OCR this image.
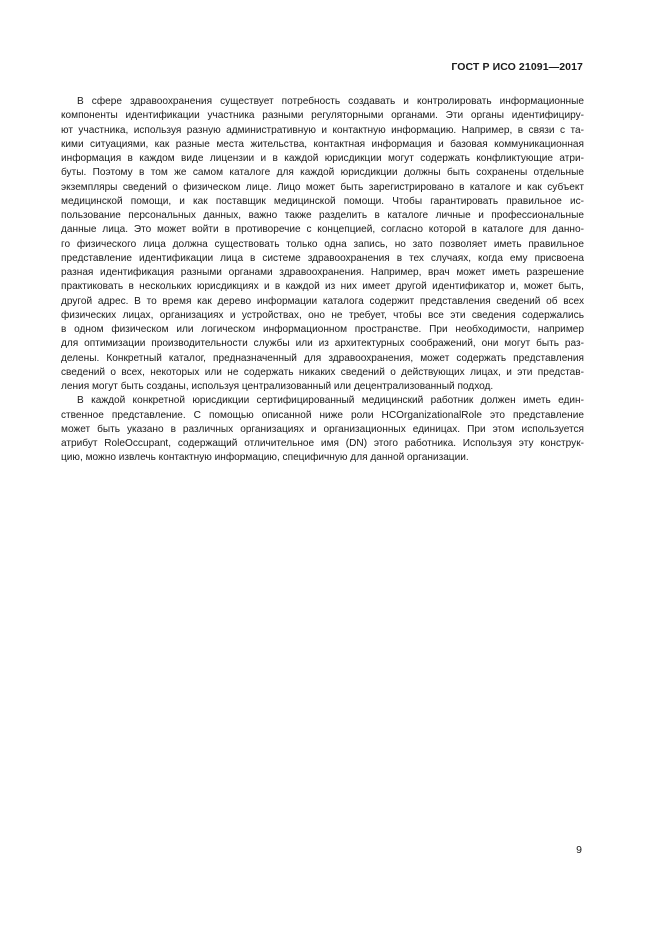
ГОСТ Р ИСО 21091—2017
В сфере здравоохранения существует потребность создавать и контролировать информационные
компоненты идентификации участника разными регуляторными органами. Эти органы идентифициру-
ют участника, используя разную административную и контактную информацию. Например, в связи с та-
кими ситуациями, как разные места жительства, контактная информация и базовая коммуникационная
информация в каждом виде лицензии и в каждой юрисдикции могут содержать конфликтующие атри-
буты. Поэтому в том же самом каталоге для каждой юрисдикции должны быть сохранены отдельные
экземпляры сведений о физическом лице. Лицо может быть зарегистрировано в каталоге и как субъект
медицинской помощи, и как поставщик медицинской помощи. Чтобы гарантировать правильное ис-
пользование персональных данных, важно также разделить в каталоге личные и профессиональные
данные лица. Это может войти в противоречие с концепцией, согласно которой в каталоге для данно-
го физического лица должна существовать только одна запись, но зато позволяет иметь правильное
представление идентификации лица в системе здравоохранения в тех случаях, когда ему присвоена
разная идентификация разными органами здравоохранения. Например, врач может иметь разрешение
практиковать в нескольких юрисдикциях и в каждой из них имеет другой идентификатор и, может быть,
другой адрес. В то время как дерево информации каталога содержит представления сведений об всех
физических лицах, организациях и устройствах, оно не требует, чтобы все эти сведения содержались
в одном физическом или логическом информационном пространстве. При необходимости, например
для оптимизации производительности службы или из архитектурных соображений, они могут быть раз-
делены. Конкретный каталог, предназначенный для здравоохранения, может содержать представления
сведений о всех, некоторых или не содержать никаких сведений о действующих лицах, и эти представ-
ления могут быть созданы, используя централизованный или децентрализованный подход.
В каждой конкретной юрисдикции сертифицированный медицинский работник должен иметь един-
ственное представление. С помощью описанной ниже роли HCOrganizationalRole это представление
может быть указано в различных организациях и организационных единицах. При этом используется
атрибут RoleOccupant, содержащий отличительное имя (DN) этого работника. Используя эту конструк-
цию, можно извлечь контактную информацию, специфичную для данной организации.
9
